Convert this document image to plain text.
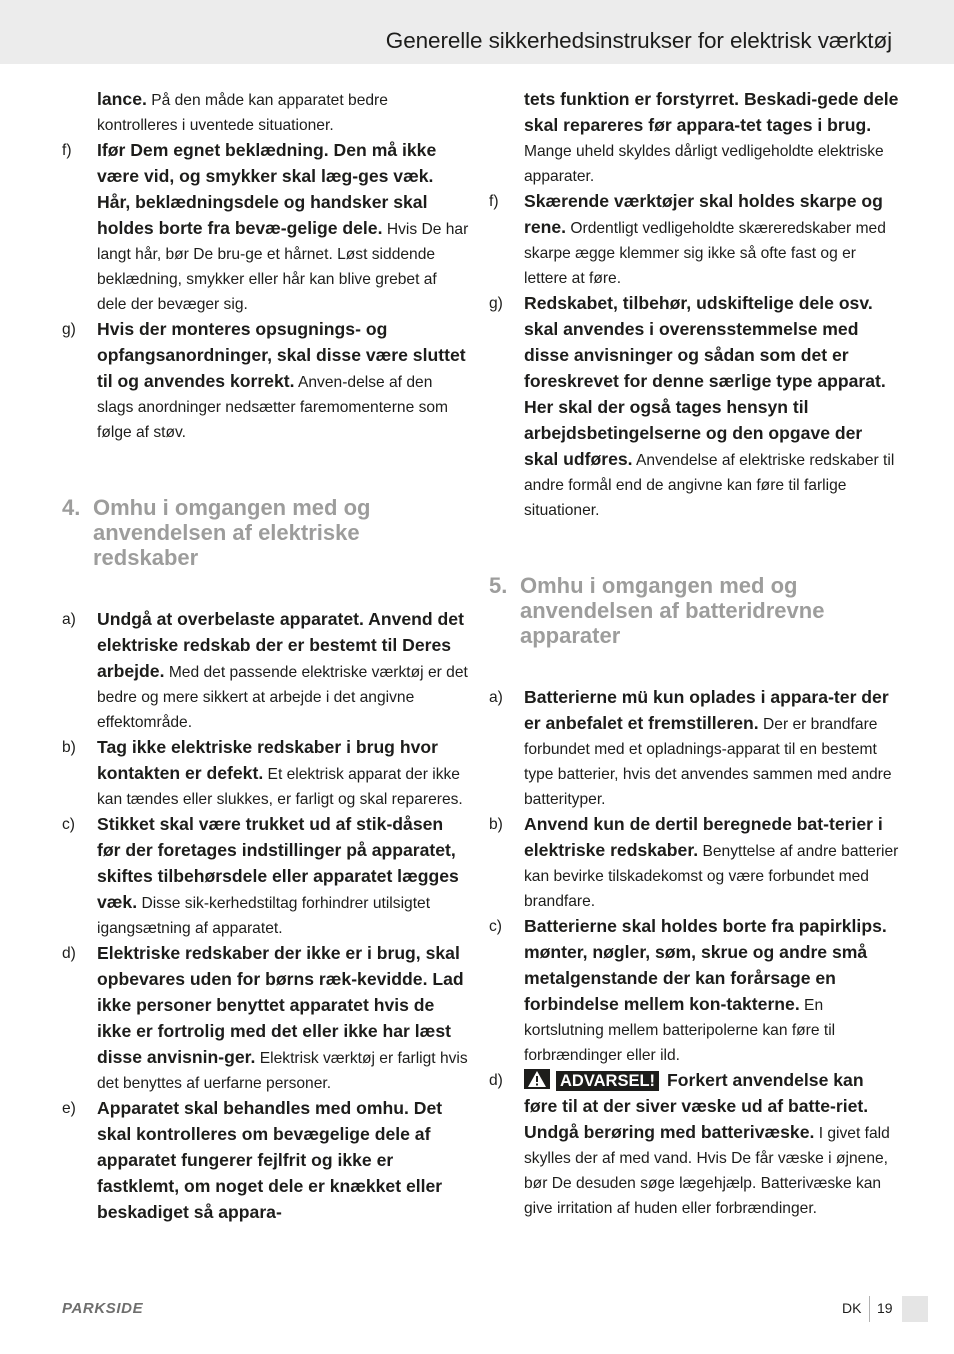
Generelle sikkerhedsinstrukser for elektrisk værktøj
lance. På den måde kan apparatet bedre kontrolleres i uventede situationer.
f)	Ifør Dem egnet beklædning. Den må ikke være vid, og smykker skal læg-ges væk. Hår, beklædningsdele og handsker skal holdes borte fra bevæ-gelige dele. Hvis De har langt hår, bør De bru-ge et hårnet. Løst siddende beklædning, smykker eller hår kan blive grebet af dele der bevæger sig.
g)	Hvis der monteres opsugnings- og opfangsanordninger, skal disse være sluttet til og anvendes korrekt. Anven-delse af den slags anordninger nedsætter faremomenterne som følge af støv.
4. Omhu i omgangen med og anvendelsen af elektriske redskaber
a)	Undgå at overbelaste apparatet. Anvend det elektriske redskab der er bestemt til Deres arbejde. Med det passende elektriske værktøj er det bedre og mere sikkert at arbejde i det angivne effektområde.
b)	Tag ikke elektriske redskaber i brug hvor kontakten er defekt. Et elektrisk apparat der ikke kan tændes eller slukkes, er farligt og skal repareres.
c)	Stikket skal være trukket ud af stik-dåsen før der foretages indstillinger på apparatet, skiftes tilbehørsdele eller apparatet lægges væk. Disse sik-kerhedstiltag forhindrer utilsigtet igangsætning af apparatet.
d)	Elektriske redskaber der ikke er i brug, skal opbevares uden for børns ræk-kevidde. Lad ikke personer benyttet apparatet hvis de ikke er fortrolig med det eller ikke har læst disse anvisnin-ger. Elektrisk værktøj er farligt hvis det benyttes af uerfarne personer.
e)	Apparatet skal behandles med omhu. Det skal kontrolleres om bevægelige dele af apparatet fungerer fejlfrit og ikke er fastklemt, om noget dele er knækket eller beskadiget så appara-
tets funktion er forstyrret. Beskadi-gede dele skal repareres før appara-tet tages i brug. Mange uheld skyldes dårligt vedligeholdte elektriske apparater.
f)	Skærende værktøjer skal holdes skarpe og rene. Ordentligt vedligeholdte skæreredskaber med skarpe ægge klemmer sig ikke så ofte fast og er lettere at føre.
g)	Redskabet, tilbehør, udskiftelige dele osv. skal anvendes i overensstemmelse med disse anvisninger og sådan som det er foreskrevet for denne særlige type apparat. Her skal der også tages hensyn til arbejdsbetingelserne og den opgave der skal udføres. Anvendelse af elektriske redskaber til andre formål end de angivne kan føre til farlige situationer.
5. Omhu i omgangen med og anvendelsen af batteridrevne apparater
a)	Batterierne mü kun oplades i appara-ter der er anbefalet et fremstilleren. Der er brandfare forbundet med et opladnings-apparat til en bestemt type batterier, hvis det anvendes sammen med andre batterityper.
b)	Anvend kun de dertil beregnede bat-terier i elektriske redskaber. Benyttelse af andre batterier kan bevirke tilskadekomst og være forbundet med brandfare.
c)	Batterierne skal holdes borte fra papirklips. mønter, nøgler, søm, skrue og andre små metalgenstande der kan forårsage en forbindelse mellem kon-takterne. En kortslutning mellem batteripolerne kan føre til forbrændinger eller ild.
d)	ADVARSEL! Forkert anvendelse kan føre til at der siver væske ud af batte-riet. Undgå berøring med batterivæske. I givet fald skylles der af med vand. Hvis De får væske i øjnene, bør De desuden søge lægehjælp. Batterivæske kan give irritation af huden eller forbrændinger.
PARKSIDE	DK 19
